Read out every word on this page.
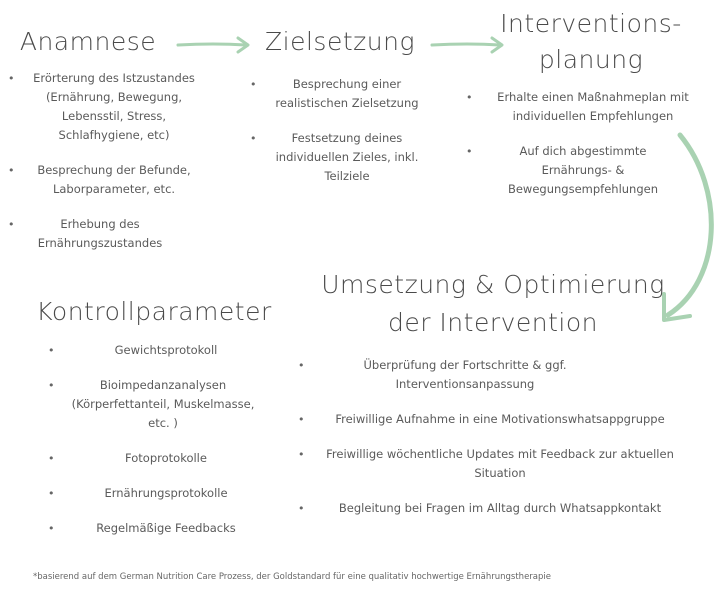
Anamnese
• Erörterung des Istzustandes (Ernährung, Bewegung, Lebensstil, Stress, Schlafhygiene, etc)
• Besprechung der Befunde, Laborparameter, etc.
• Erhebung des Ernährungszustandes
Zielsetzung
• Besprechung einer realistischen Zielsetzung
• Festsetzung deines individuellen Zieles, inkl. Teilziele
Interventions-
planung
• Erhalte einen Maßnahmeplan mit individuellen Empfehlungen
• Auf dich abgestimmte Ernährungs- & Bewegungsempfehlungen
Umsetzung & Optimierung
der Intervention
• Überprüfung der Fortschritte & ggf. Interventionsanpassung
• Freiwillige Aufnahme in eine Motivationswhatsappgruppe
• Freiwillige wöchentliche Updates mit Feedback zur aktuellen Situation
• Begleitung bei Fragen im Alltag durch Whatsappkontakt
Kontrollparameter
• Gewichtsprotokoll
• Bioimpedanzanalysen (Körperfettanteil, Muskelmasse, etc. )
• Fotoprotokolle
• Ernährungsprotokolle
• Regelmäßige Feedbacks
*basierend auf dem German Nutrition Care Prozess, der Goldstandard für eine qualitativ hochwertige Ernährungstherapie
